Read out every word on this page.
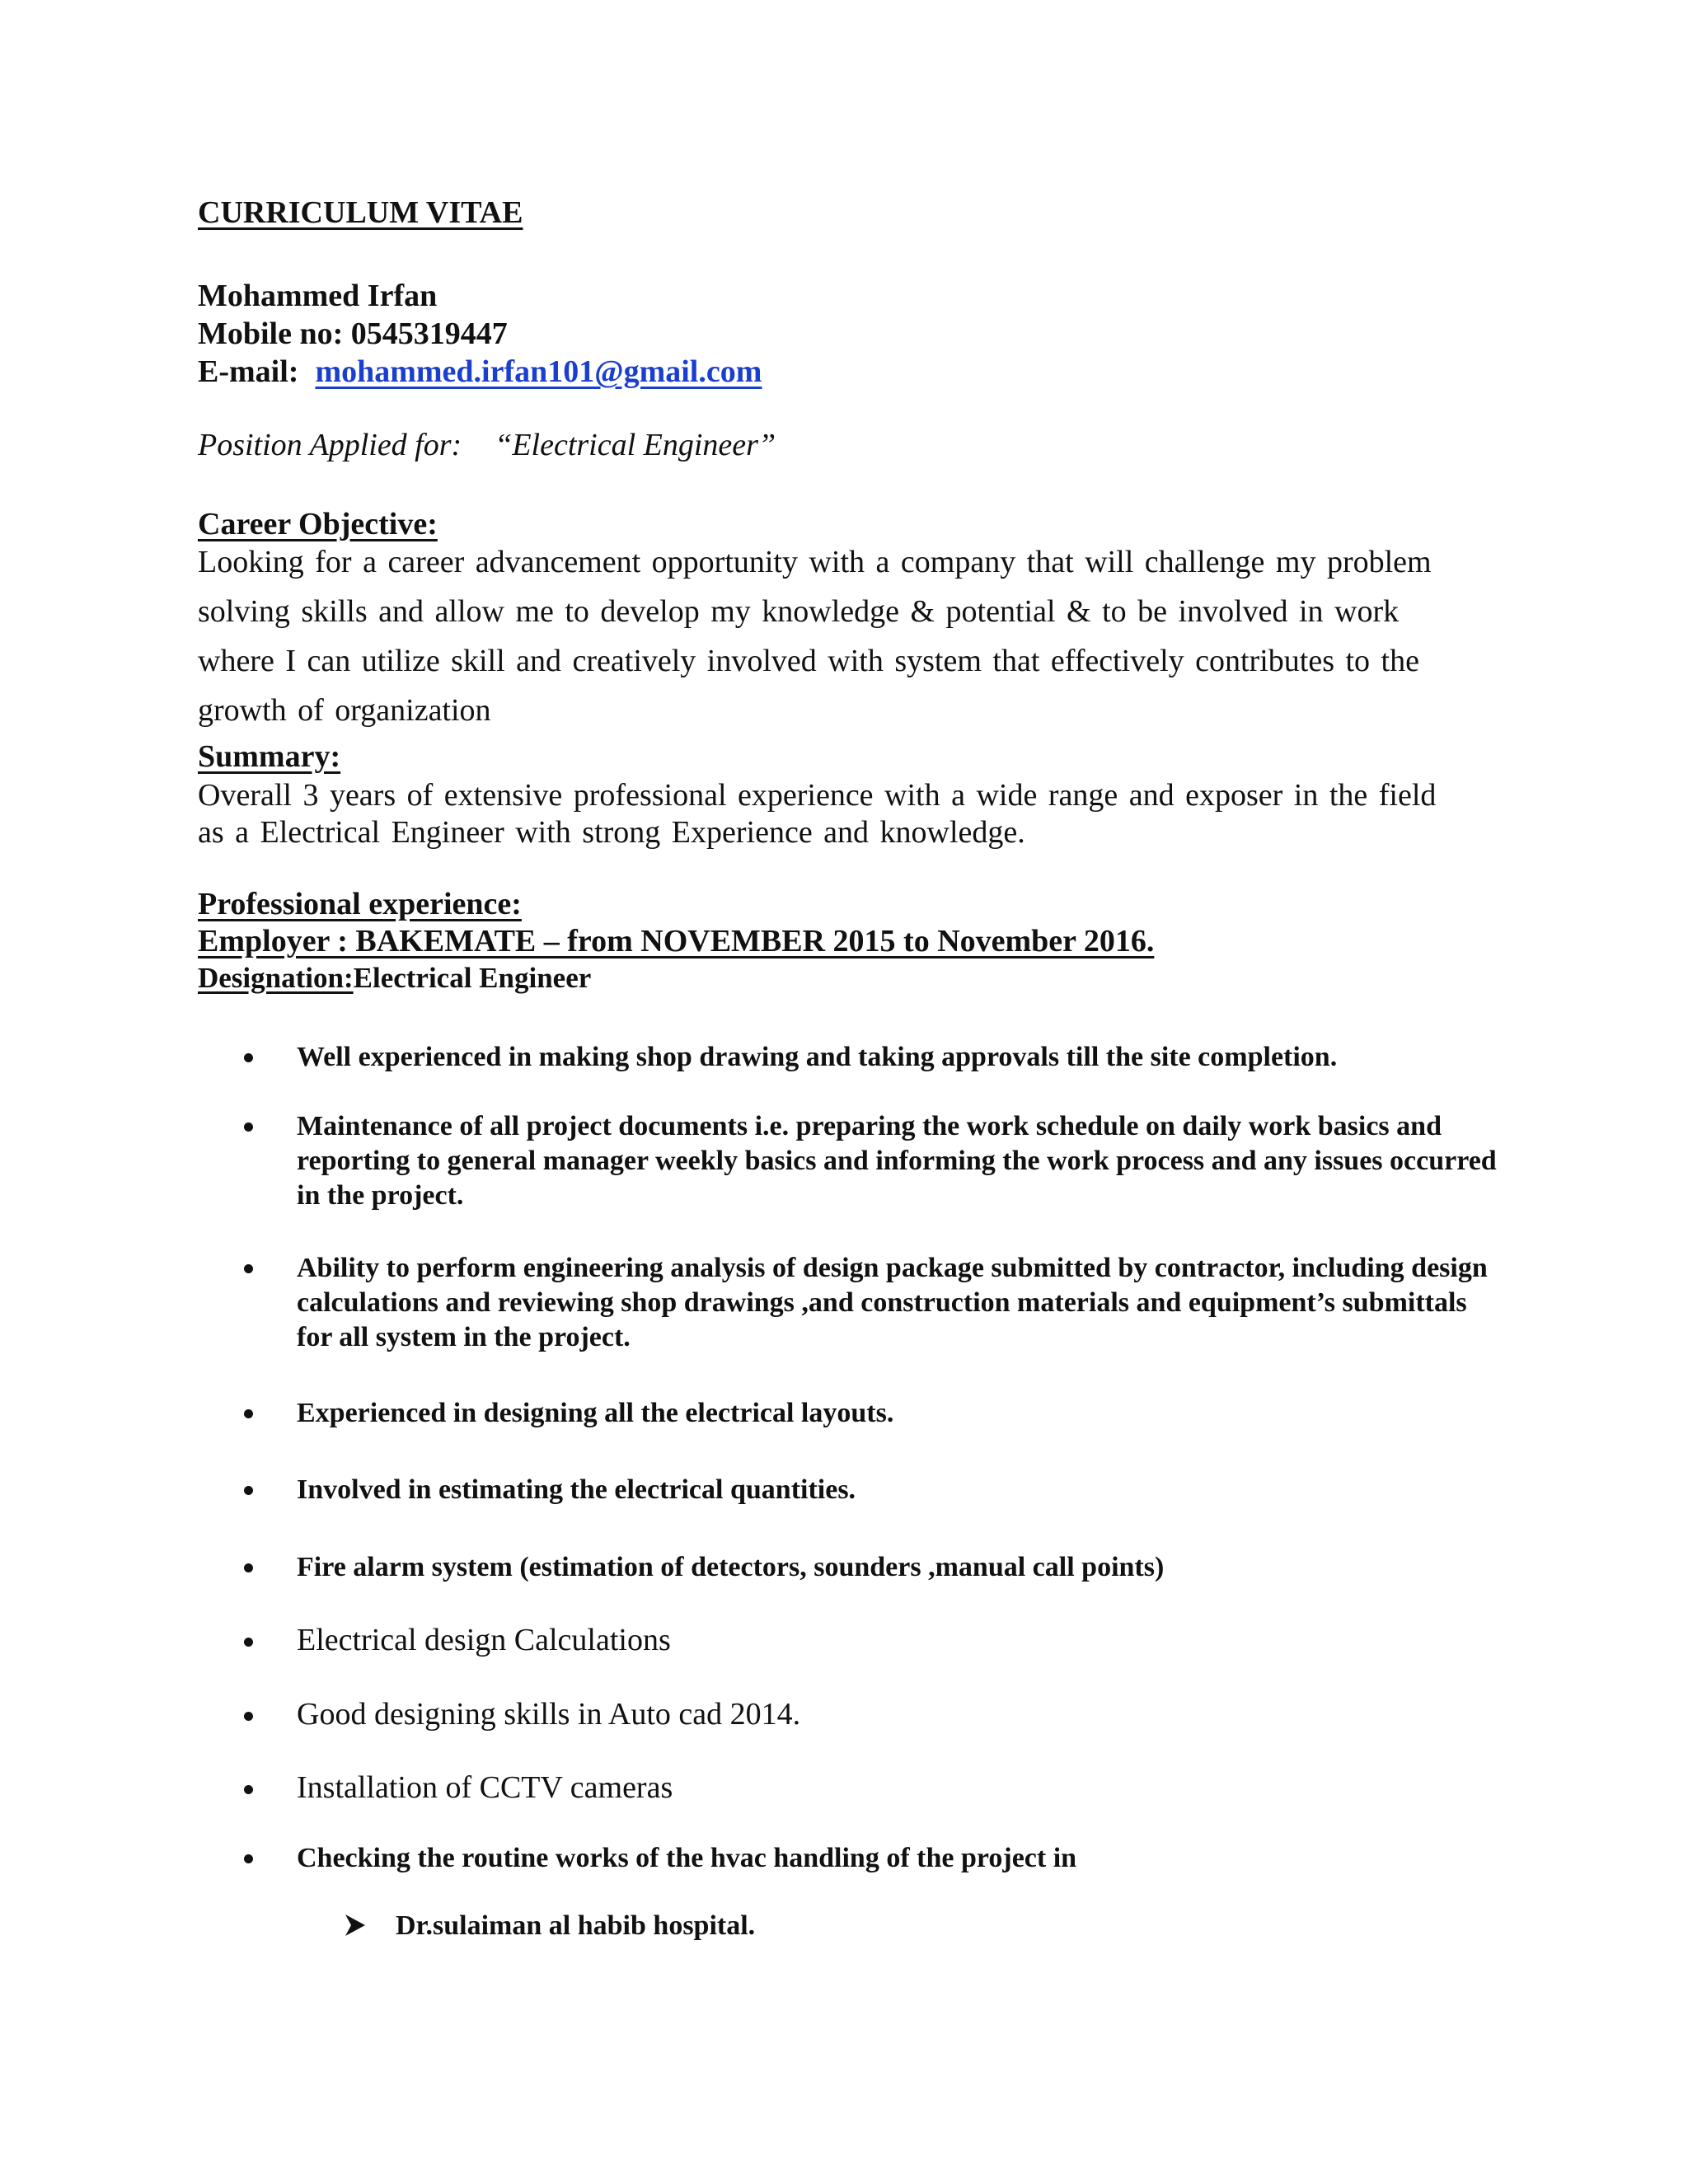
CURRICULUM VITAE
Mohammed Irfan
Mobile no: 0545319447
E-mail: mohammed.irfan101@gmail.com
Position Applied for: “Electrical Engineer”
Career Objective:
Looking for a career advancement opportunity with a company that will challenge my problem solving skills and allow me to develop my knowledge & potential & to be involved in work where I can utilize skill and creatively involved with system that effectively contributes to the growth of organization
Summary:
Overall 3 years of extensive professional experience with a wide range and exposer in the field as a Electrical Engineer with strong Experience and knowledge.
Professional experience:
Employer : BAKEMATE – from NOVEMBER 2015 to November 2016.
Designation:Electrical Engineer
Well experienced in making shop drawing and taking approvals till the site completion.
Maintenance of all project documents i.e. preparing the work schedule on daily work basics and reporting to general manager weekly basics and informing the work process and any issues occurred in the project.
Ability to perform engineering analysis of design package submitted by contractor, including design calculations and reviewing shop drawings ,and construction materials and equipment’s submittals for all system in the project.
Experienced in designing all the electrical layouts.
Involved in estimating the electrical quantities.
Fire alarm system (estimation of detectors, sounders ,manual call points)
Electrical design Calculations
Good designing skills in Auto cad 2014.
Installation of CCTV cameras
Checking the routine works of the hvac handling of the project in
Dr.sulaiman al habib hospital.
